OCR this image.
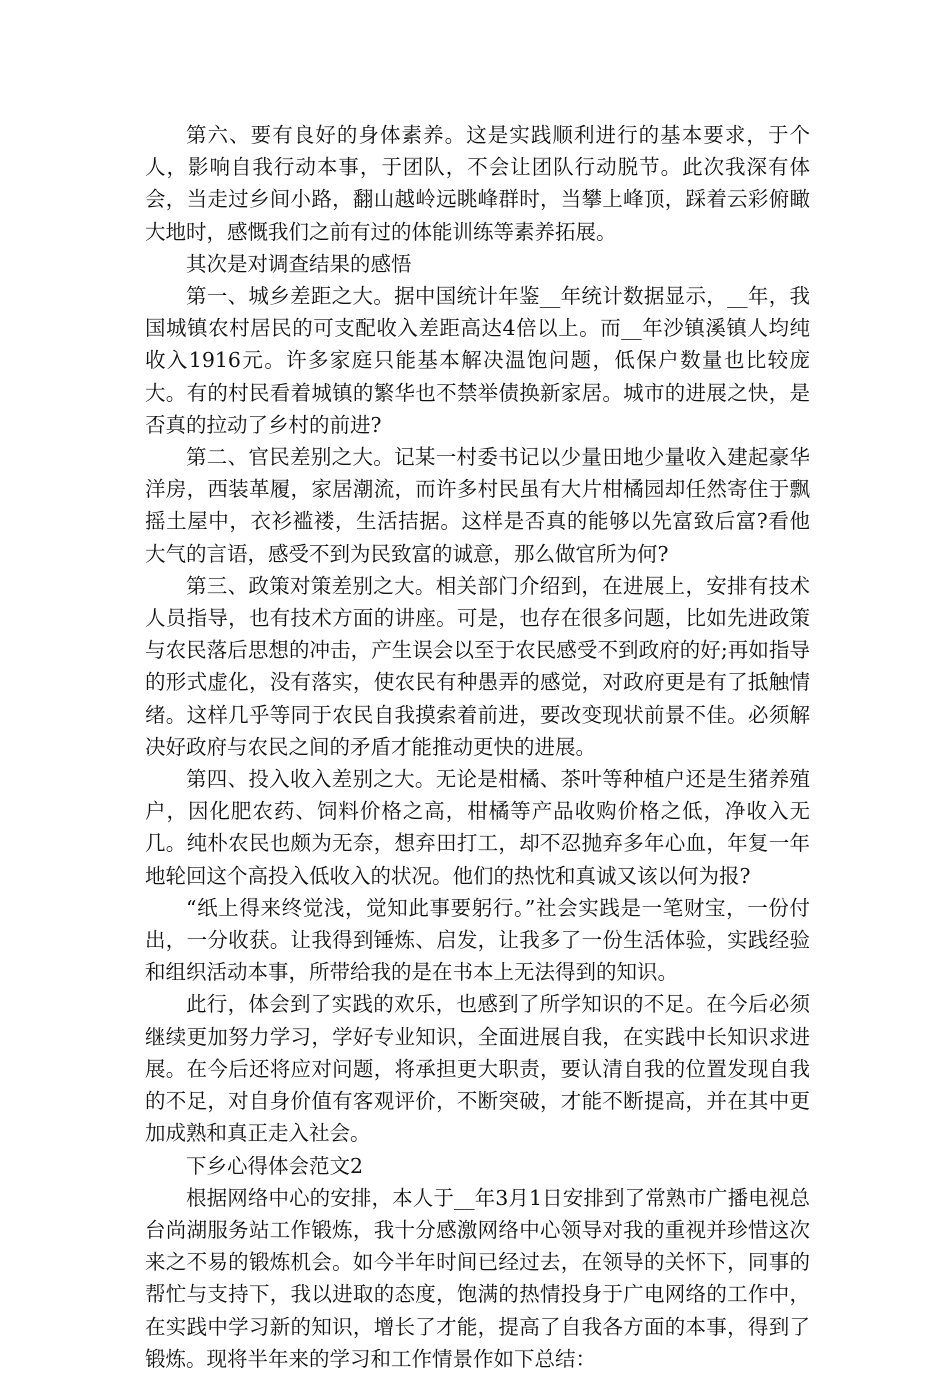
第六、要有良好的身体素养。这是实践顺利进行的基本要求，于个人，影响自我行动本事，于团队，不会让团队行动脱节。此次我深有体会，当走过乡间小路，翻山越岭远眺峰群时，当攀上峰顶，踩着云彩俯瞰大地时，感慨我们之前有过的体能训练等素养拓展。

其次是对调查结果的感悟

第一、城乡差距之大。据中国统计年鉴__年统计数据显示，__年，我国城镇农村居民的可支配收入差距高达4倍以上。而__年沙镇溪镇人均纯收入1916元。许多家庭只能基本解决温饱问题，低保户数量也比较庞大。有的村民看着城镇的繁华也不禁举债换新家居。城市的进展之快，是否真的拉动了乡村的前进?

第二、官民差别之大。记某一村委书记以少量田地少量收入建起豪华洋房，西装革履，家居潮流，而许多村民虽有大片柑橘园却任然寄住于飘摇土屋中，衣衫褴褛，生活拮据。这样是否真的能够以先富致后富?看他大气的言语，感受不到为民致富的诚意，那么做官所为何?

第三、政策对策差别之大。相关部门介绍到，在进展上，安排有技术人员指导，也有技术方面的讲座。可是，也存在很多问题，比如先进政策与农民落后思想的冲击，产生误会以至于农民感受不到政府的好;再如指导的形式虚化，没有落实，使农民有种愚弄的感觉，对政府更是有了抵触情绪。这样几乎等同于农民自我摸索着前进，要改变现状前景不佳。必须解决好政府与农民之间的矛盾才能推动更快的进展。

第四、投入收入差别之大。无论是柑橘、茶叶等种植户还是生猪养殖户，因化肥农药、饲料价格之高，柑橘等产品收购价格之低，净收入无几。纯朴农民也颇为无奈，想弃田打工，却不忍抛弃多年心血，年复一年地轮回这个高投入低收入的状况。他们的热忱和真诚又该以何为报?

“纸上得来终觉浅，觉知此事要躬行。”社会实践是一笔财宝，一份付出，一分收获。让我得到锤炼、启发，让我多了一份生活体验，实践经验和组织活动本事，所带给我的是在书本上无法得到的知识。

此行，体会到了实践的欢乐，也感到了所学知识的不足。在今后必须继续更加努力学习，学好专业知识，全面进展自我，在实践中长知识求进展。在今后还将应对问题，将承担更大职责，要认清自我的位置发现自我的不足，对自身价值有客观评价，不断突破，才能不断提高，并在其中更加成熟和真正走入社会。

下乡心得体会范文2

根据网络中心的安排，本人于__年3月1日安排到了常熟市广播电视总台尚湖服务站工作锻炼，我十分感激网络中心领导对我的重视并珍惜这次来之不易的锻炼机会。如今半年时间已经过去，在领导的关怀下，同事的帮忙与支持下，我以进取的态度，饱满的热情投身于广电网络的工作中，在实践中学习新的知识，增长了才能，提高了自我各方面的本事，得到了锻炼。现将半年来的学习和工作情景作如下总结：
